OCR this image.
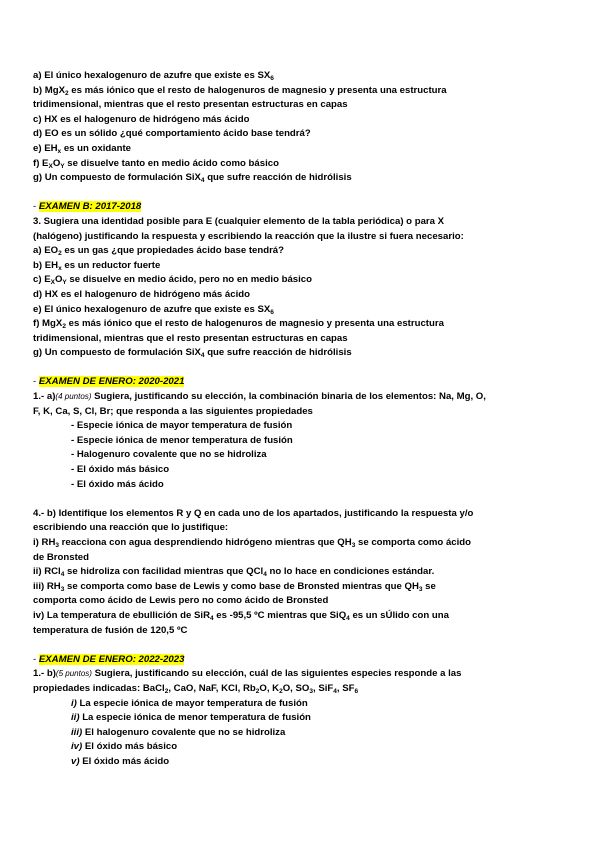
a) El único hexalogenuro de azufre que existe es $SX_6$
b) MgX$_2$ es más iónico que el resto de halogenuros de magnesio y presenta una estructura
tridimensional, mientras que el resto presentan estructuras en capas
c) HX es el halogenuro de hidrógeno más ácido
d) EO es un sólido ¿qué comportamiento ácido base tendrá?
e) $EH_x$ es un oxidante
f) $E_XO_Y$ se disuelve tanto en medio ácido como básico
g) Un compuesto de formulación SiX$_4$ que sufre reacción de hidrólisis
- EXAMEN B: 2017-2018
3. Sugiera una identidad posible para E (cualquier elemento de la tabla periódica) o para X
(halógeno) justificando la respuesta y escribiendo la reacción que la ilustre si fuera necesario:
a) $EO_2$ es un gas ¿que propiedades ácido base tendrá?
b) $EH_x$ es un reductor fuerte
c) $E_XO_Y$ se disuelve en medio ácido, pero no en medio básico
d) HX es el halogenuro de hidrógeno más ácido
e) El único hexalogenuro de azufre que existe es $SX_6$
f) MgX$_2$ es más iónico que el resto de halogenuros de magnesio y presenta una estructura
tridimensional, mientras que el resto presentan estructuras en capas
g) Un compuesto de formulación SiX$_4$ que sufre reacción de hidrólisis
- EXAMEN DE ENERO: 2020-2021
1.- a)(4 puntos) Sugiera, justificando su elección, la combinación binaria de los elementos: Na, Mg, O,
F, K, Ca, S, Cl, Br; que responda a las siguientes propiedades
- Especie iónica de mayor temperatura de fusión
- Especie iónica de menor temperatura de fusión
- Halogenuro covalente que no se hidroliza
- El óxido más básico
- El óxido más ácido
4.- b) Identifique los elementos R y Q en cada uno de los apartados, justificando la respuesta y/o
escribiendo una reacción que lo justifique:
i) $RH_3$ reacciona con agua desprendiendo hidrógeno mientras que $QH_3$ se comporta como ácido
de Bronsted
ii) RCl$_4$ se hidroliza con facilidad mientras que QCl$_4$ no lo hace en condiciones estándar.
iii) $RH_3$ se comporta como base de Lewis y como base de Bronsted mientras que $QH_3$ se
comporta como ácido de Lewis pero no como ácido de Bronsted
iv) La temperatura de ebullición de SiR$_4$ es -95,5 ºC mientras que SiQ$_4$ es un sÚlido con una
temperatura de fusión de 120,5 ºC
- EXAMEN DE ENERO: 2022-2023
1.- b)(5 puntos) Sugiera, justificando su elección, cuál de las siguientes especies responde a las
propiedades indicadas: BaCl$_2$, CaO, NaF, KCl, $Rb_2O$, $K_2O$, $SO_3$, SiF$_4$, $SF_6$
i) La especie iónica de mayor temperatura de fusión
ii) La especie iónica de menor temperatura de fusión
iii) El halogenuro covalente que no se hidroliza
iv) El óxido más básico
v) El óxido más ácido
